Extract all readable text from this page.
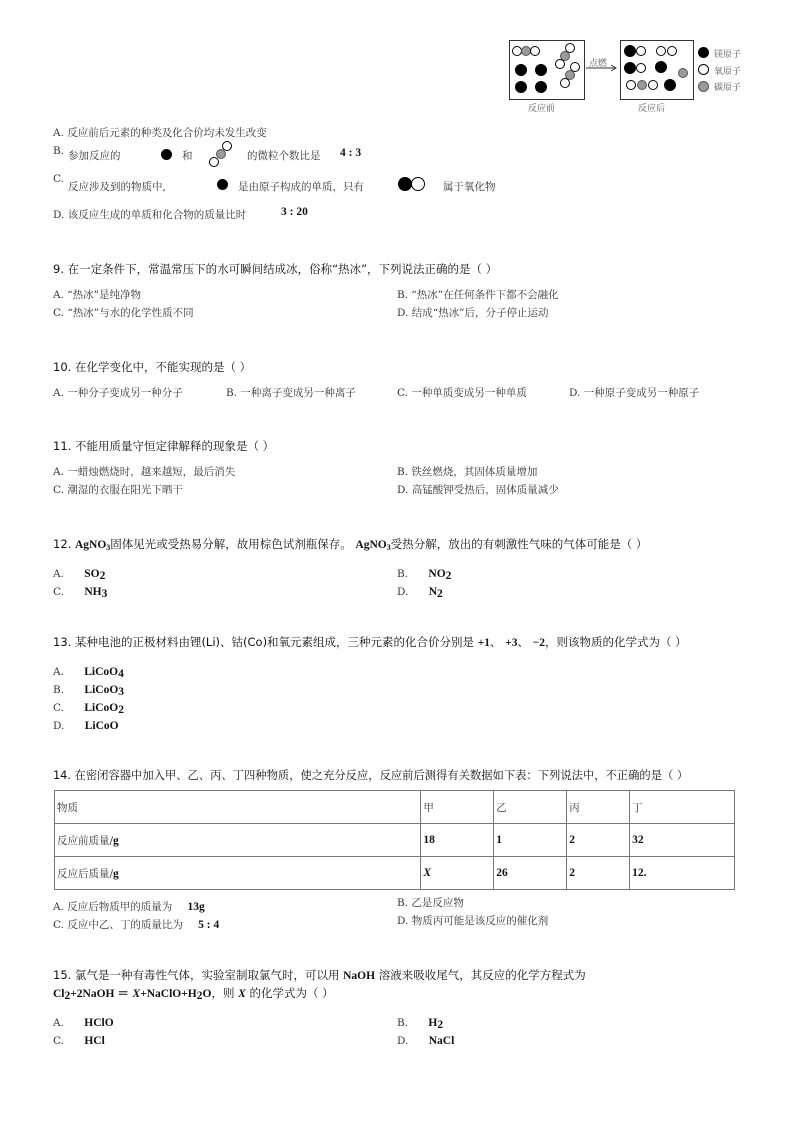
点燃
反应前	反应后
镁原子
氧原子
碳原子
A. 反应前后元素的种类及化合价均未发生改变
B. 参加反应的	和	的微粒个数比是 4 : 3
C.
反应涉及到的物质中,	是由原子构成的单质，只有	属于氧化物
D. 该反应生成的单质和化合物的质量比时	3 : 20
9. 在一定条件下，常温常压下的水可瞬间结成冰，俗称“热冰”，下列说法正确的是（ ）
A. “热冰”是纯净物	B. “热冰”在任何条件下都不会融化
C. “热冰”与水的化学性质不同	D. 结成“热冰”后，分子停止运动
10. 在化学变化中，不能实现的是（ ）
A. 一种分子变成另一种分子	B. 一种离子变成另一种离子	C. 一种单质变成另一种单质	D. 一种原子变成另一种原子
11. 不能用质量守恒定律解释的现象是（ ）
A. 一蜡烛燃烧时，越来越短，最后消失	B. 铁丝燃烧，其固体质量增加
C. 潮湿的衣服在阳光下晒干	D. 高锰酸钾受热后，固体质量减少
12. AgNO$_3$固体见光或受热易分解，故用棕色试剂瓶保存。 AgNO$_3$受热分解，放出的有刺激性气味的气体可能是（ ）
A. $SO_2$	B. $NO_2$
C. $NH_3$	D. $N_2$
13. 某种电池的正极材料由锂(Li)、钴(Co)和氧元素组成，三种元素的化合价分别是 +1、 +3、 −2，则该物质的化学式为（ ）
A. LiCoO$_4$
B. LiCoO$_3$
C. LiCoO$_2$
D. LiCoO
14. 在密闭容器中加入甲、乙、丙、丁四种物质，使之充分反应，反应前后测得有关数据如下表：下列说法中，不正确的是（ ）
物质	甲	乙	丙	丁
反应前质量/g	18	1	2	32
反应后质量/g	X	26	2	12.
A. 反应后物质甲的质量为 13g	B. 乙是反应物
C. 反应中乙、丁的质量比为 5 : 4	D. 物质丙可能是该反应的催化剂
15. 氯气是一种有毒性气体，实验室制取氯气时，可以用 NaOH 溶液来吸收尾气，其反应的化学方程式为
$Cl_2+2NaOH$ ＝ $X+NaClO+H_2O$，则 X 的化学式为（ ）
A. HClO	B. $H_2$
C. HCl	D. NaCl
